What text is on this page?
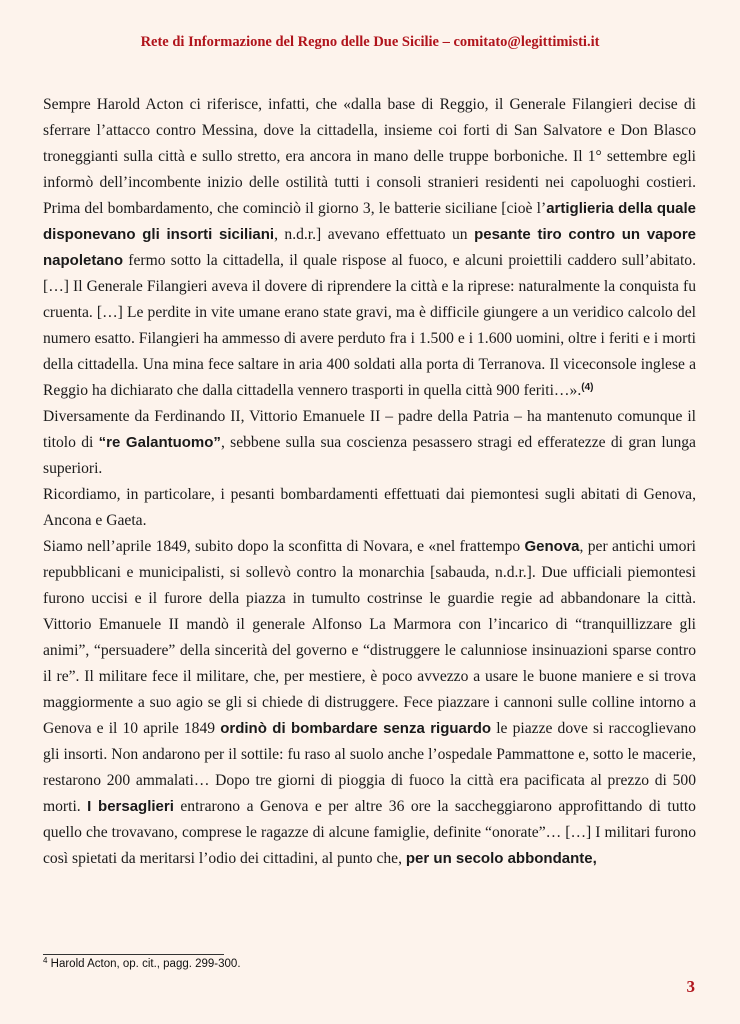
Rete di Informazione del Regno delle Due Sicilie – comitato@legittimisti.it

Sempre Harold Acton ci riferisce, infatti, che «dalla base di Reggio, il Generale Filangieri decise di sferrare l’attacco contro Messina, dove la cittadella, insieme coi forti di San Salvatore e Don Blasco troneggianti sulla città e sullo stretto, era ancora in mano delle truppe borboniche. Il 1° settembre egli informò dell’incombente inizio delle ostilità tutti i consoli stranieri residenti nei capoluoghi costieri. Prima del bombardamento, che cominciò il giorno 3, le batterie siciliane [cioè l’artiglieria della quale disponevano gli insorti siciliani, n.d.r.] avevano effettuato un pesante tiro contro un vapore napoletano fermo sotto la cittadella, il quale rispose al fuoco, e alcuni proiettili caddero sull’abitato. […] Il Generale Filangieri aveva il dovere di riprendere la città e la riprese: naturalmente la conquista fu cruenta. […] Le perdite in vite umane erano state gravi, ma è difficile giungere a un veridico calcolo del numero esatto. Filangieri ha ammesso di avere perduto fra i 1.500 e i 1.600 uomini, oltre i feriti e i morti della cittadella. Una mina fece saltare in aria 400 soldati alla porta di Terranova. Il viceconsole inglese a Reggio ha dichiarato che dalla cittadella vennero trasporti in quella città 900 feriti…».$^{(4)}$

Diversamente da Ferdinando II, Vittorio Emanuele II – padre della Patria – ha mantenuto comunque il titolo di “re Galantuomo”, sebbene sulla sua coscienza pesassero stragi ed efferatezze di gran lunga superiori.

Ricordiamo, in particolare, i pesanti bombardamenti effettuati dai piemontesi sugli abitati di Genova, Ancona e Gaeta.

Siamo nell’aprile 1849, subito dopo la sconfitta di Novara, e «nel frattempo Genova, per antichi umori repubblicani e municipalisti, si sollevò contro la monarchia [sabauda, n.d.r.]. Due ufficiali piemontesi furono uccisi e il furore della piazza in tumulto costrinse le guardie regie ad abbandonare la città. Vittorio Emanuele II mandò il generale Alfonso La Marmora con l’incarico di “tranquillizzare gli animi”, “persuadere” della sincerità del governo e “distruggere le calunniose insinuazioni sparse contro il re”. Il militare fece il militare, che, per mestiere, è poco avvezzo a usare le buone maniere e si trova maggiormente a suo agio se gli si chiede di distruggere. Fece piazzare i cannoni sulle colline intorno a Genova e il 10 aprile 1849 ordinò di bombardare senza riguardo le piazze dove si raccoglievano gli insorti. Non andarono per il sottile: fu raso al suolo anche l’ospedale Pammattone e, sotto le macerie, restarono 200 ammalati… Dopo tre giorni di pioggia di fuoco la città era pacificata al prezzo di 500 morti. I bersaglieri entrarono a Genova e per altre 36 ore la saccheggiarono approfittando di tutto quello che trovavano, comprese le ragazze di alcune famiglie, definite “onorate”… […] I militari furono così spietati da meritarsi l’odio dei cittadini, al punto che, per un secolo abbondante,

$^4$ Harold Acton, op. cit., pagg. 299-300.
3
